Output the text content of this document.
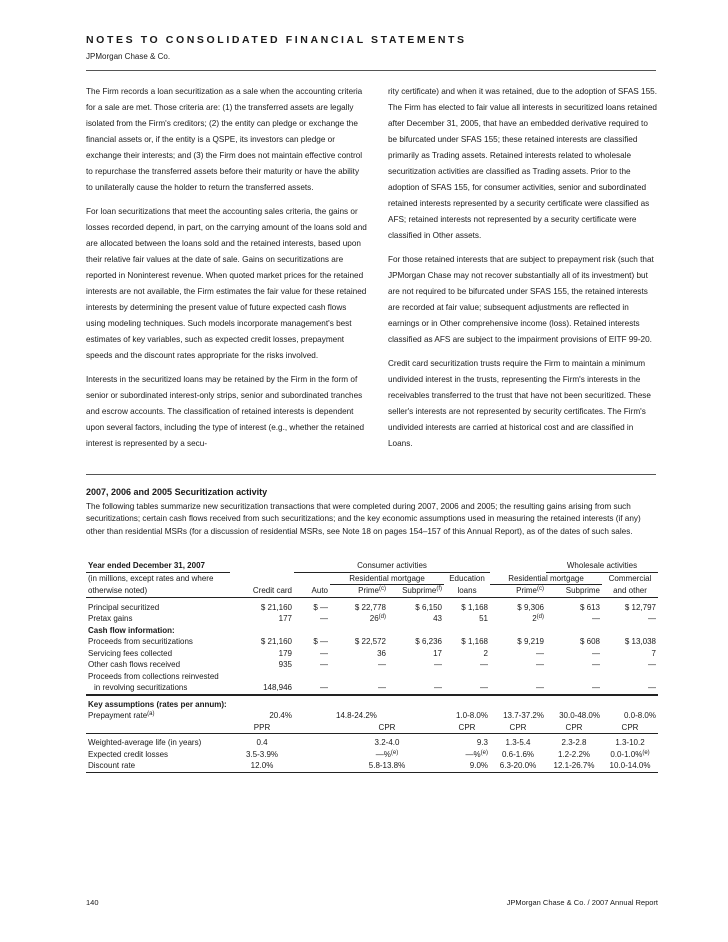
NOTES TO CONSOLIDATED FINANCIAL STATEMENTS
JPMorgan Chase & Co.

The Firm records a loan securitization as a sale when the accounting criteria for a sale are met. Those criteria are: (1) the transferred assets are legally isolated from the Firm's creditors; (2) the entity can pledge or exchange the financial assets or, if the entity is a QSPE, its investors can pledge or exchange their interests; and (3) the Firm does not maintain effective control to repurchase the transferred assets before their maturity or have the ability to unilaterally cause the holder to return the transferred assets.

For loan securitizations that meet the accounting sales criteria, the gains or losses recorded depend, in part, on the carrying amount of the loans sold and are allocated between the loans sold and the retained interests, based upon their relative fair values at the date of sale. Gains on securitizations are reported in Noninterest revenue. When quoted market prices for the retained interests are not available, the Firm estimates the fair value for these retained interests by determining the present value of future expected cash flows using modeling techniques. Such models incorporate management's best estimates of key variables, such as expected credit losses, prepayment speeds and the discount rates appropriate for the risks involved.

Interests in the securitized loans may be retained by the Firm in the form of senior or subordinated interest-only strips, senior and subordinated tranches and escrow accounts. The classification of retained interests is dependent upon several factors, including the type of interest (e.g., whether the retained interest is represented by a secu-

rity certificate) and when it was retained, due to the adoption of SFAS 155. The Firm has elected to fair value all interests in securitized loans retained after December 31, 2005, that have an embedded derivative required to be bifurcated under SFAS 155; these retained interests are classified primarily as Trading assets. Retained interests related to wholesale securitization activities are classified as Trading assets. Prior to the adoption of SFAS 155, for consumer activities, senior and subordinated retained interests represented by a security certificate were classified as AFS; retained interests not represented by a security certificate were classified in Other assets.

For those retained interests that are subject to prepayment risk (such that JPMorgan Chase may not recover substantially all of its investment) but are not required to be bifurcated under SFAS 155, the retained interests are recorded at fair value; subsequent adjustments are reflected in earnings or in Other comprehensive income (loss). Retained interests classified as AFS are subject to the impairment provisions of EITF 99-20.

Credit card securitization trusts require the Firm to maintain a minimum undivided interest in the trusts, representing the Firm's interests in the receivables transferred to the trust that have not been securitized. These seller's interests are not represented by security certificates. The Firm's undivided interests are carried at historical cost and are classified in Loans.

2007, 2006 and 2005 Securitization activity
The following tables summarize new securitization transactions that were completed during 2007, 2006 and 2005; the resulting gains arising from such securitizations; certain cash flows received from such securitizations; and the key economic assumptions used in measuring the retained interests (if any) other than residential MSRs (for a discussion of residential MSRs, see Note 18 on pages 154–157 of this Annual Report), as of the dates of such sales.
Year ended December 31, 2007		Consumer activities					Wholesale activities	
(in millions, except rates and where			Residential mortgage		Education	Residential mortgage		Commercial
otherwise noted)	Credit card	Auto	Prime$^{(c)}$	Subprime$^{(f)}$	loans	Prime$^{(c)}$	Subprime	and other

Principal securitized	$ 21,160	$ —	$ 22,778	$ 6,150	$ 1,168	$ 9,306	$ 613	$ 12,797
Pretax gains	177	—	26$^{(d)}$	43	51	2$^{(d)}$	—	—
Cash flow information:								
Proceeds from securitizations	$ 21,160	$ —	$ 22,572	$ 6,236	$ 1,168	$ 9,219	$ 608	$ 13,038
Servicing fees collected	179	—	36	17	2	—	—	7
Other cash flows received	935	—	—	—	—	—	—	—
Proceeds from collections reinvested								
in revolving securitizations	148,946	—	—	—	—	—	—	—

Key assumptions (rates per annum):								
Prepayment rate$^{(a)}$	20.4%		14.8-24.2%		1.0-8.0%	13.7-37.2%	30.0-48.0%	0.0-8.0%
	PPR		CPR		CPR	CPR	CPR	CPR

Weighted-average life (in years)	0.4		3.2-4.0		9.3	1.3-5.4	2.3-2.8	1.3-10.2
Expected credit losses	3.5-3.9%		—%$^{(e)}$		—%$^{(e)}$	0.6-1.6%	1.2-2.2%	0.0-1.0%$^{(e)}$
Discount rate	12.0%		5.8-13.8%		9.0%	6.3-20.0%	12.1-26.7%	10.0-14.0%
140	JPMorgan Chase & Co. / 2007 Annual Report
